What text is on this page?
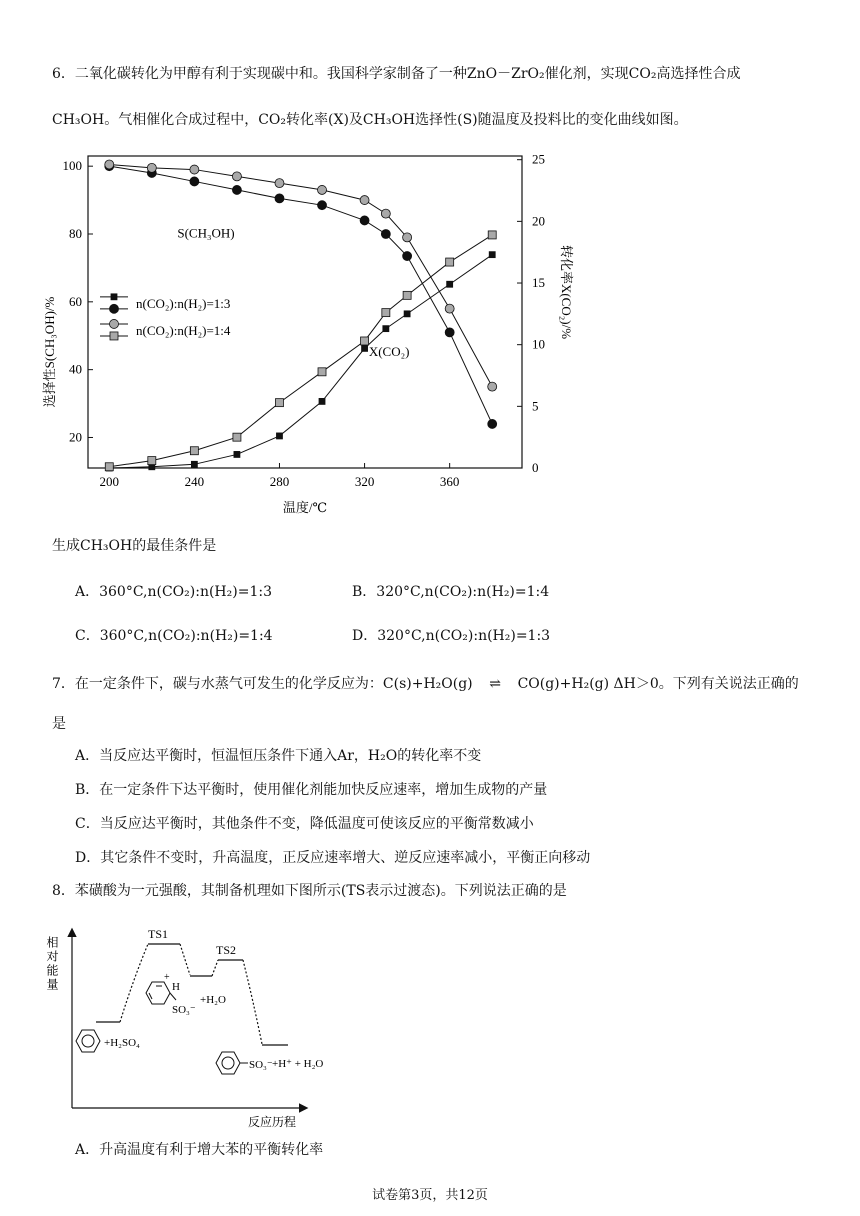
6．二氧化碳转化为甲醇有利于实现碳中和。我国科学家制备了一种ZnO－ZrO₂催化剂，实现CO₂高选择性合成
CH₃OH。气相催化合成过程中，CO₂转化率(X)及CH₃OH选择性(S)随温度及投料比的变化曲线如图。
200	240	280	320	360
20
40
60
80
100
0
5
10
15
20
25
温度/℃
选择性S(CH₃OH)/%
转化率X(CO₂)/%
S(CH₃OH)
X(CO₂)
n(CO₂):n(H₂)=1:3
n(CO₂):n(H₂)=1:4
生成CH₃OH的最佳条件是
A．360°C,n(CO₂):n(H₂)=1:3	B．320°C,n(CO₂):n(H₂)=1:4
C．360°C,n(CO₂):n(H₂)=1:4	D．320°C,n(CO₂):n(H₂)=1:3
7．在一定条件下，碳与水蒸气可发生的化学反应为：C(s)+H₂O(g) ⇌ CO(g)+H₂(g) ΔH＞0。下列有关说法正确的
是
A．当反应达平衡时，恒温恒压条件下通入Ar，H₂O的转化率不变
B．在一定条件下达平衡时，使用催化剂能加快反应速率，增加生成物的产量
C．当反应达平衡时，其他条件不变，降低温度可使该反应的平衡常数减小
D．其它条件不变时，升高温度，正反应速率增大、逆反应速率减小，平衡正向移动
8．苯磺酸为一元强酸，其制备机理如下图所示(TS表示过渡态)。下列说法正确的是
相对能量
反应历程
TS1
TS2
+
H
SO₃⁻
+H₂O
+H₂SO₄
SO₃⁻ +H⁺ + H₂O
A．升高温度有利于增大苯的平衡转化率
试卷第3页，共12页
